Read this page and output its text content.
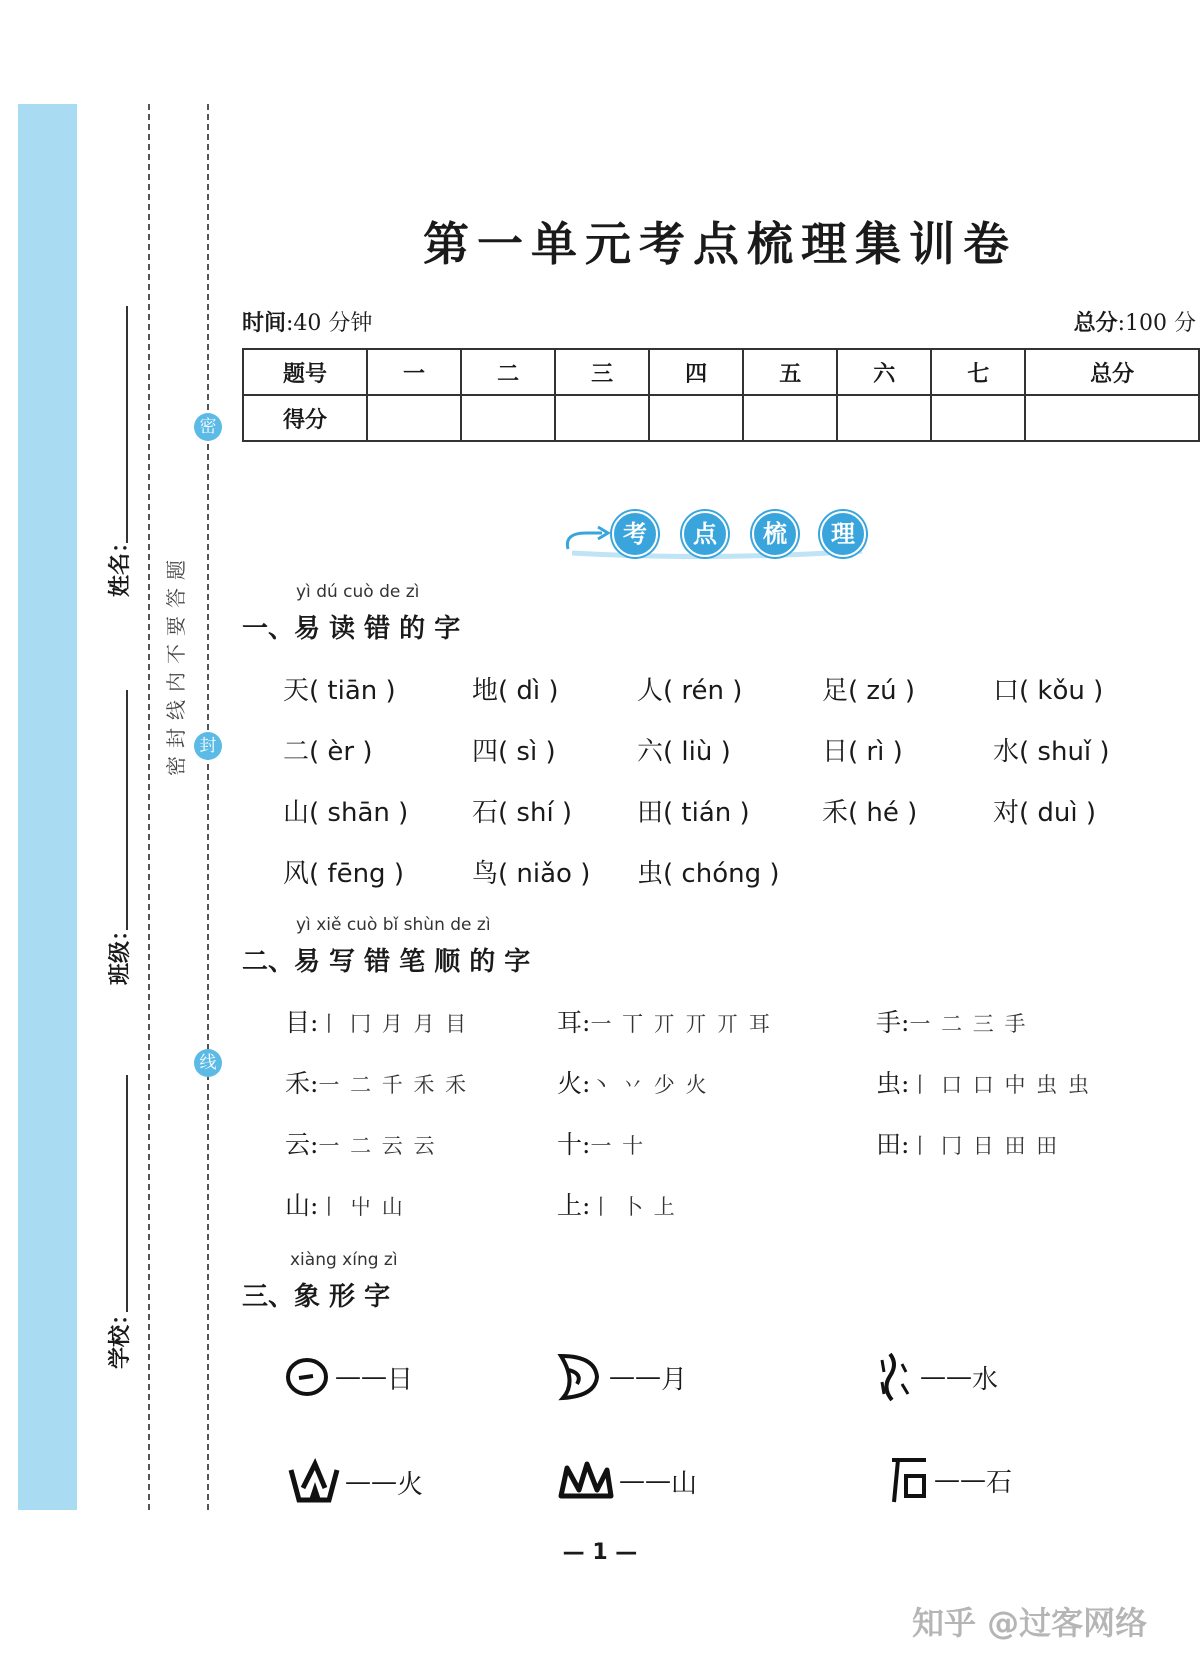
姓名：
班级：
学校：
密
封
线
题
答
要
不
内
线
封
密
第一单元考点梳理集训卷
时间:40 分钟	总分:100 分
题号	一	二	三	四	五	六	七	总分
得分								
考	点	梳	理
yì dú cuò de zì
一、易 读 错 的 字
天( tiān )	地( dì )	人( rén )	足( zú )	口( kǒu )
二( èr )	四( sì )	六( liù )	日( rì )	水( shuǐ )
山( shān ) 石( shí ) 田( tián )	禾( hé )	对( duì )
风( fēng )	鸟( niǎo ) 虫( chóng )
yì xiě cuò bǐ shùn de zì
二、易 写 错 笔 顺 的 字
目:丨 冂 月 月 目	耳:一 丅 丌 丌 丌 耳	手:一 二 三 手
禾:一 二 千 禾 禾	火:丶 丷 少 火	虫:丨 口 口 中 虫 虫
云:一 二 云 云	十:一 十	田:丨 冂 日 田 田
山:丨 屮 山	上:丨 卜 上
xiàng xíng zì
三、象 形 字
—— 日	—— 月	—— 水
—— 火	—— 山	—— 石
— 1 —
知乎 @过客网络
